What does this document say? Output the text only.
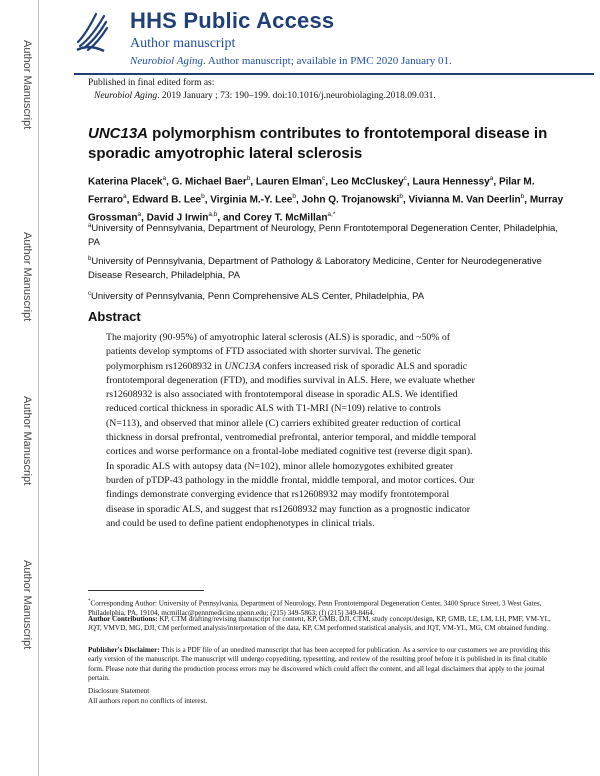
Author Manuscript
Author Manuscript
Author Manuscript
Author Manuscript
HHS Public Access
Author manuscript
Neurobiol Aging. Author manuscript; available in PMC 2020 January 01.
Published in final edited form as:
Neurobiol Aging. 2019 January ; 73: 190–199. doi:10.1016/j.neurobiolaging.2018.09.031.
UNC13A polymorphism contributes to frontotemporal disease in sporadic amyotrophic lateral sclerosis
Katerina Placek$^a$, G. Michael Baer$^b$, Lauren Elman$^c$, Leo McCluskey$^c$, Laura Hennessy$^a$, Pilar M. Ferraro$^a$, Edward B. Lee$^b$, Virginia M.-Y. Lee$^b$, John Q. Trojanowski$^b$, Vivianna M. Van Deerlin$^b$, Murray Grossman$^a$, David J Irwin$^{a,b}$, and Corey T. McMillan$^{a,*}$
$^a$University of Pennsylvania, Department of Neurology, Penn Frontotemporal Degeneration Center, Philadelphia, PA
$^b$University of Pennsylvania, Department of Pathology & Laboratory Medicine, Center for Neurodegenerative Disease Research, Philadelphia, PA
$^c$University of Pennsylvania, Penn Comprehensive ALS Center, Philadelphia, PA
Abstract
The majority (90-95%) of amyotrophic lateral sclerosis (ALS) is sporadic, and ~50% of patients develop symptoms of FTD associated with shorter survival. The genetic polymorphism rs12608932 in UNC13A confers increased risk of sporadic ALS and sporadic frontotemporal degeneration (FTD), and modifies survival in ALS. Here, we evaluate whether rs12608932 is also associated with frontotemporal disease in sporadic ALS. We identified reduced cortical thickness in sporadic ALS with T1-MRI (N=109) relative to controls (N=113), and observed that minor allele (C) carriers exhibited greater reduction of cortical thickness in dorsal prefrontal, ventromedial prefrontal, anterior temporal, and middle temporal cortices and worse performance on a frontal-lobe mediated cognitive test (reverse digit span). In sporadic ALS with autopsy data (N=102), minor allele homozygotes exhibited greater burden of pTDP-43 pathology in the middle frontal, middle temporal, and motor cortices. Our findings demonstrate converging evidence that rs12608932 may modify frontotemporal disease in sporadic ALS, and suggest that rs12608932 may function as a prognostic indicator and could be used to define patient endophenotypes in clinical trials.
*Corresponding Author: University of Pennsylvania, Department of Neurology, Penn Frontotemporal Degeneration Center, 3400 Spruce Street, 3 West Gates, Philadelphia, PA, 19104, mcmillac@pennmedicine.upenn.edu; (215) 349-5863; (f) (215) 349-8464.
Author Contributions: KP, CTM drafting/revising manuscript for content, KP, GMB, DJI, CTM, study concept/design, KP, GMB, LE, LM, LH, PMF, VM-YL, JQT, VMVD, MG, DJI, CM performed analysis/interpretation of the data, KP, CM performed statistical analysis, and JQT, VM-YL, MG, CM obtained funding.
Publisher's Disclaimer: This is a PDF file of an unedited manuscript that has been accepted for publication. As a service to our customers we are providing this early version of the manuscript. The manuscript will undergo copyediting, typesetting, and review of the resulting proof before it is published in its final citable form. Please note that during the production process errors may be discovered which could affect the content, and all legal disclaimers that apply to the journal pertain.
Disclosure Statement
All authors report no conflicts of interest.
